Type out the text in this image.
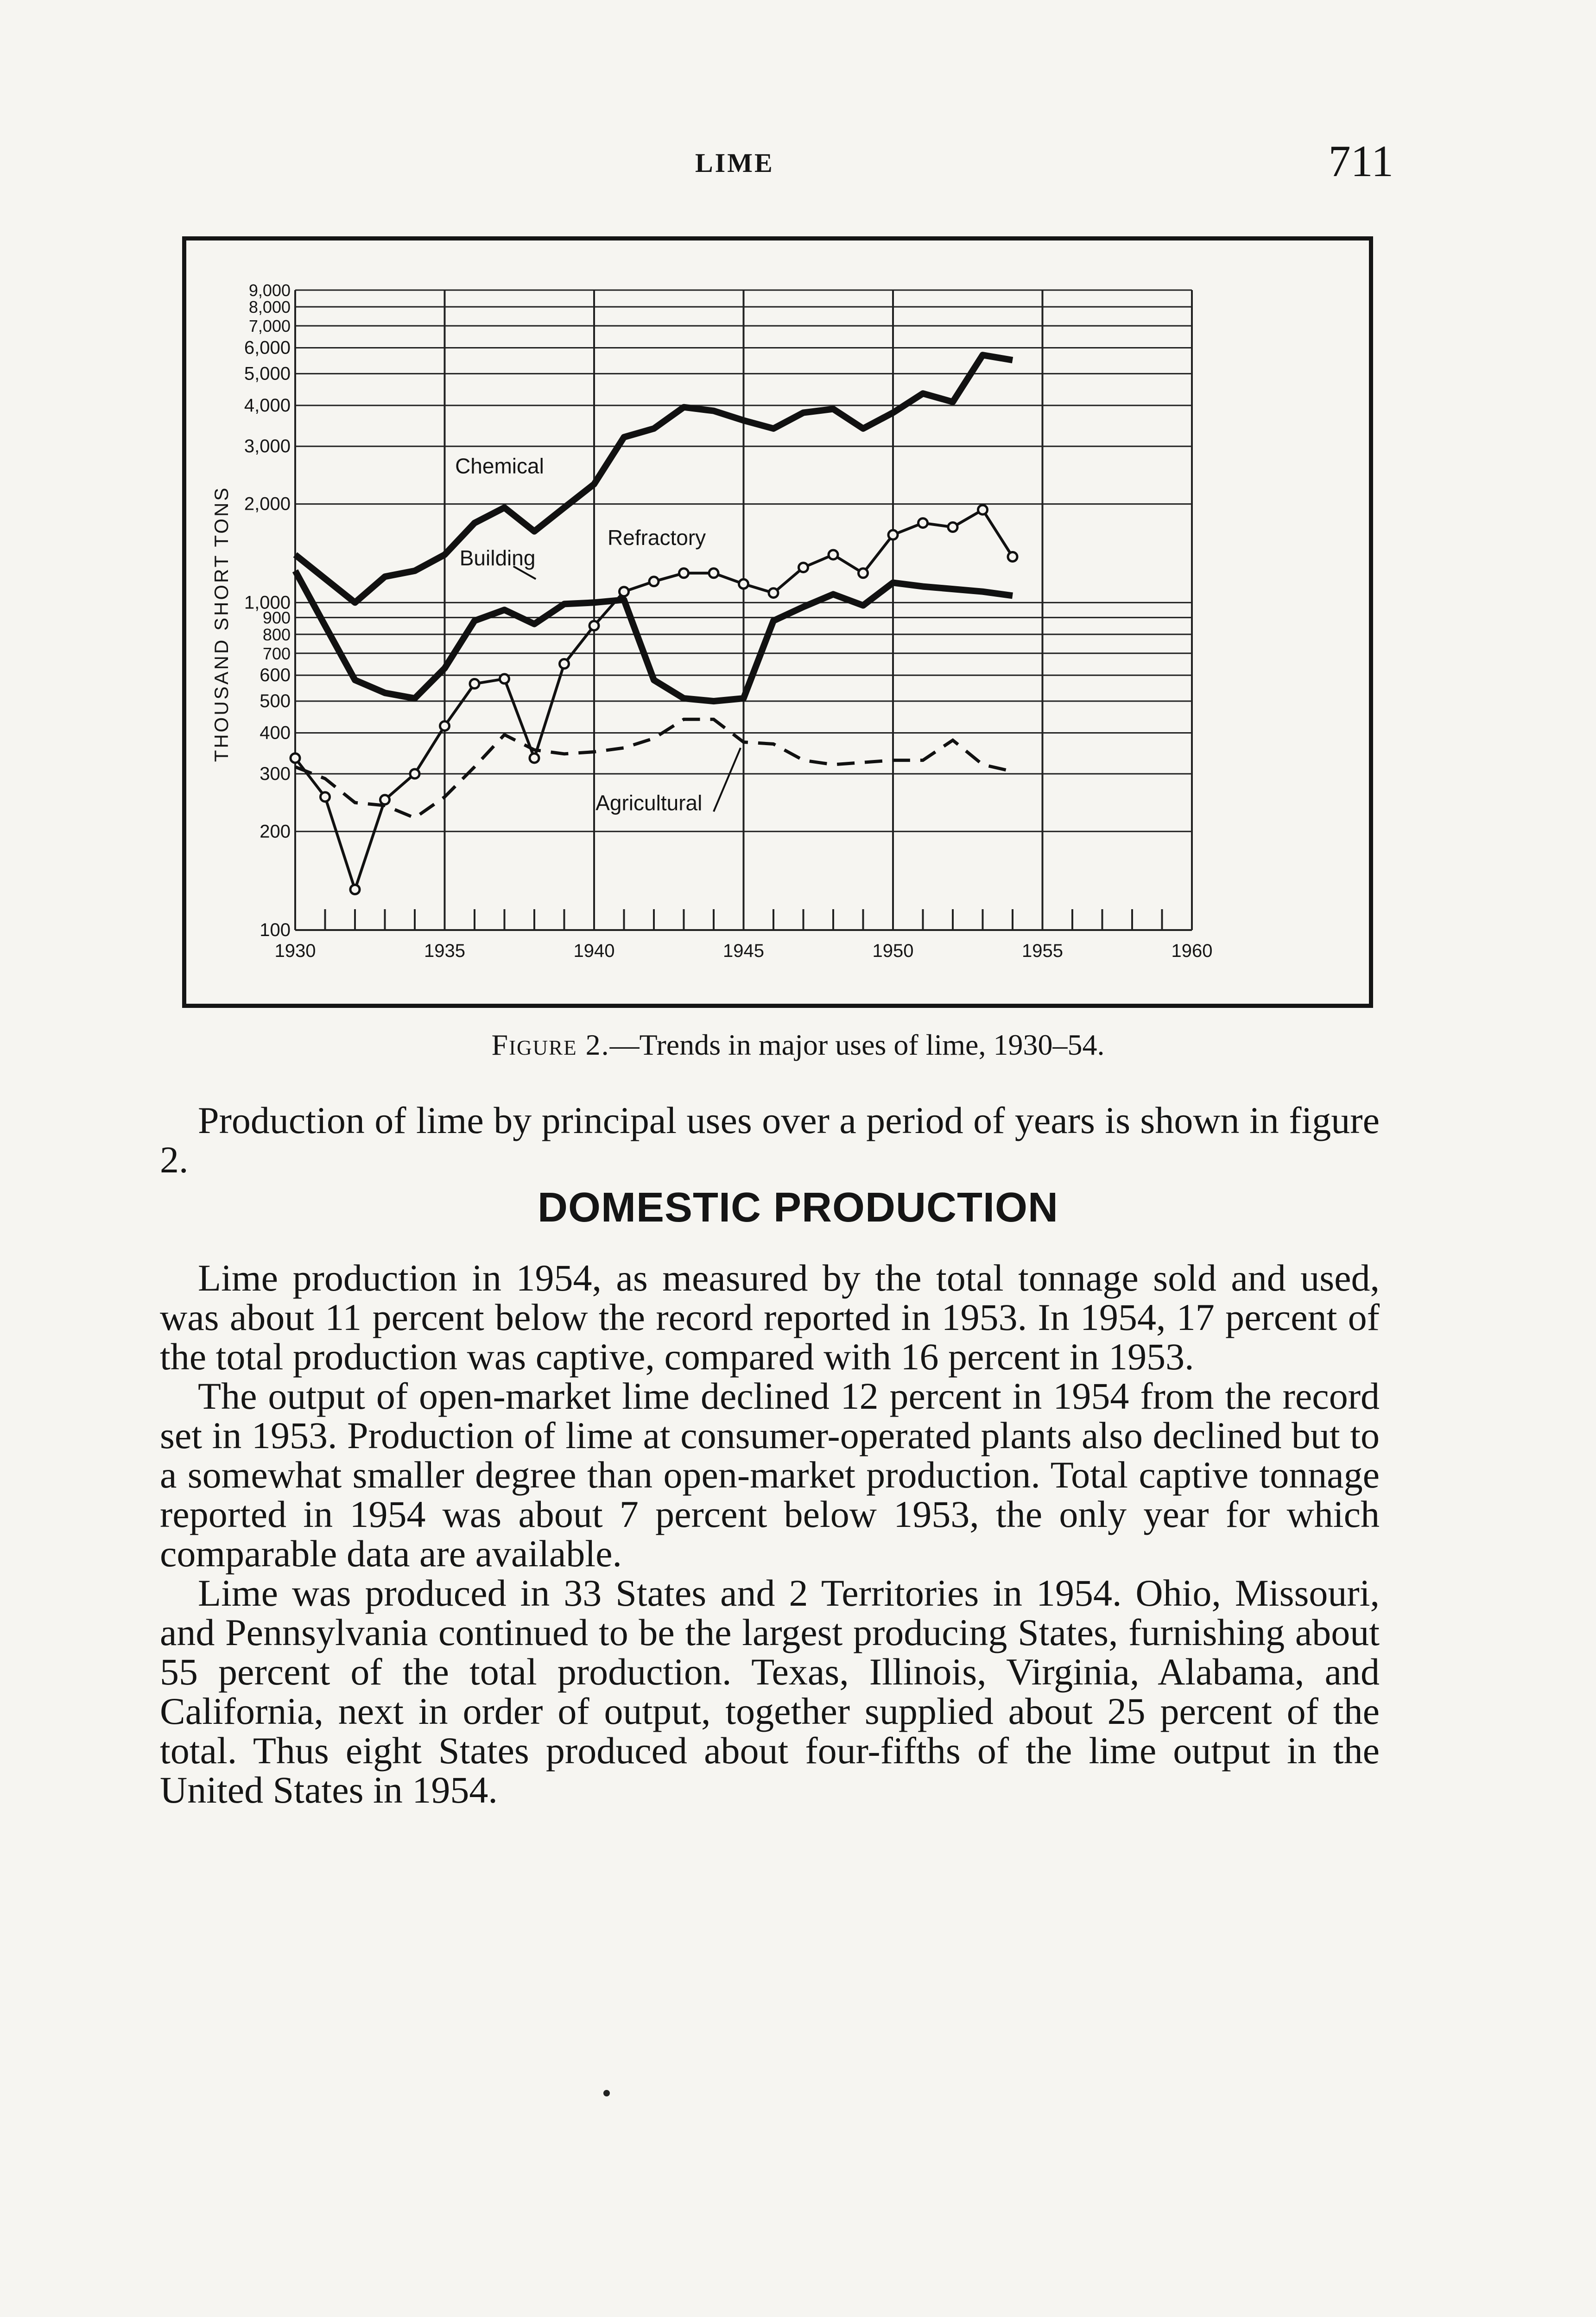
LIME	711
100
200
300
400
500
600
700
800
900
1,000
2,000
3,000
4,000
5,000
6,000
7,000
8,000
9,000
1930	1935	1940	1945	1950	1955	1960
THOUSAND SHORT TONS
Chemical
Building
Refractory
Agricultural
Figure 2.—Trends in major uses of lime, 1930–54.

Production of lime by principal uses over a period of years is shown in figure 2.

DOMESTIC PRODUCTION

Lime production in 1954, as measured by the total tonnage sold and used, was about 11 percent below the record reported in 1953. In 1954, 17 percent of the total production was captive, compared with 16 percent in 1953.

The output of open-market lime declined 12 percent in 1954 from the record set in 1953. Production of lime at consumer-operated plants also declined but to a somewhat smaller degree than open-market production. Total captive tonnage reported in 1954 was about 7 percent below 1953, the only year for which comparable data are available.

Lime was produced in 33 States and 2 Territories in 1954. Ohio, Missouri, and Pennsylvania continued to be the largest producing States, furnishing about 55 percent of the total production. Texas, Illinois, Virginia, Alabama, and California, next in order of output, together supplied about 25 percent of the total. Thus eight States produced about four-fifths of the lime output in the United States in 1954.
